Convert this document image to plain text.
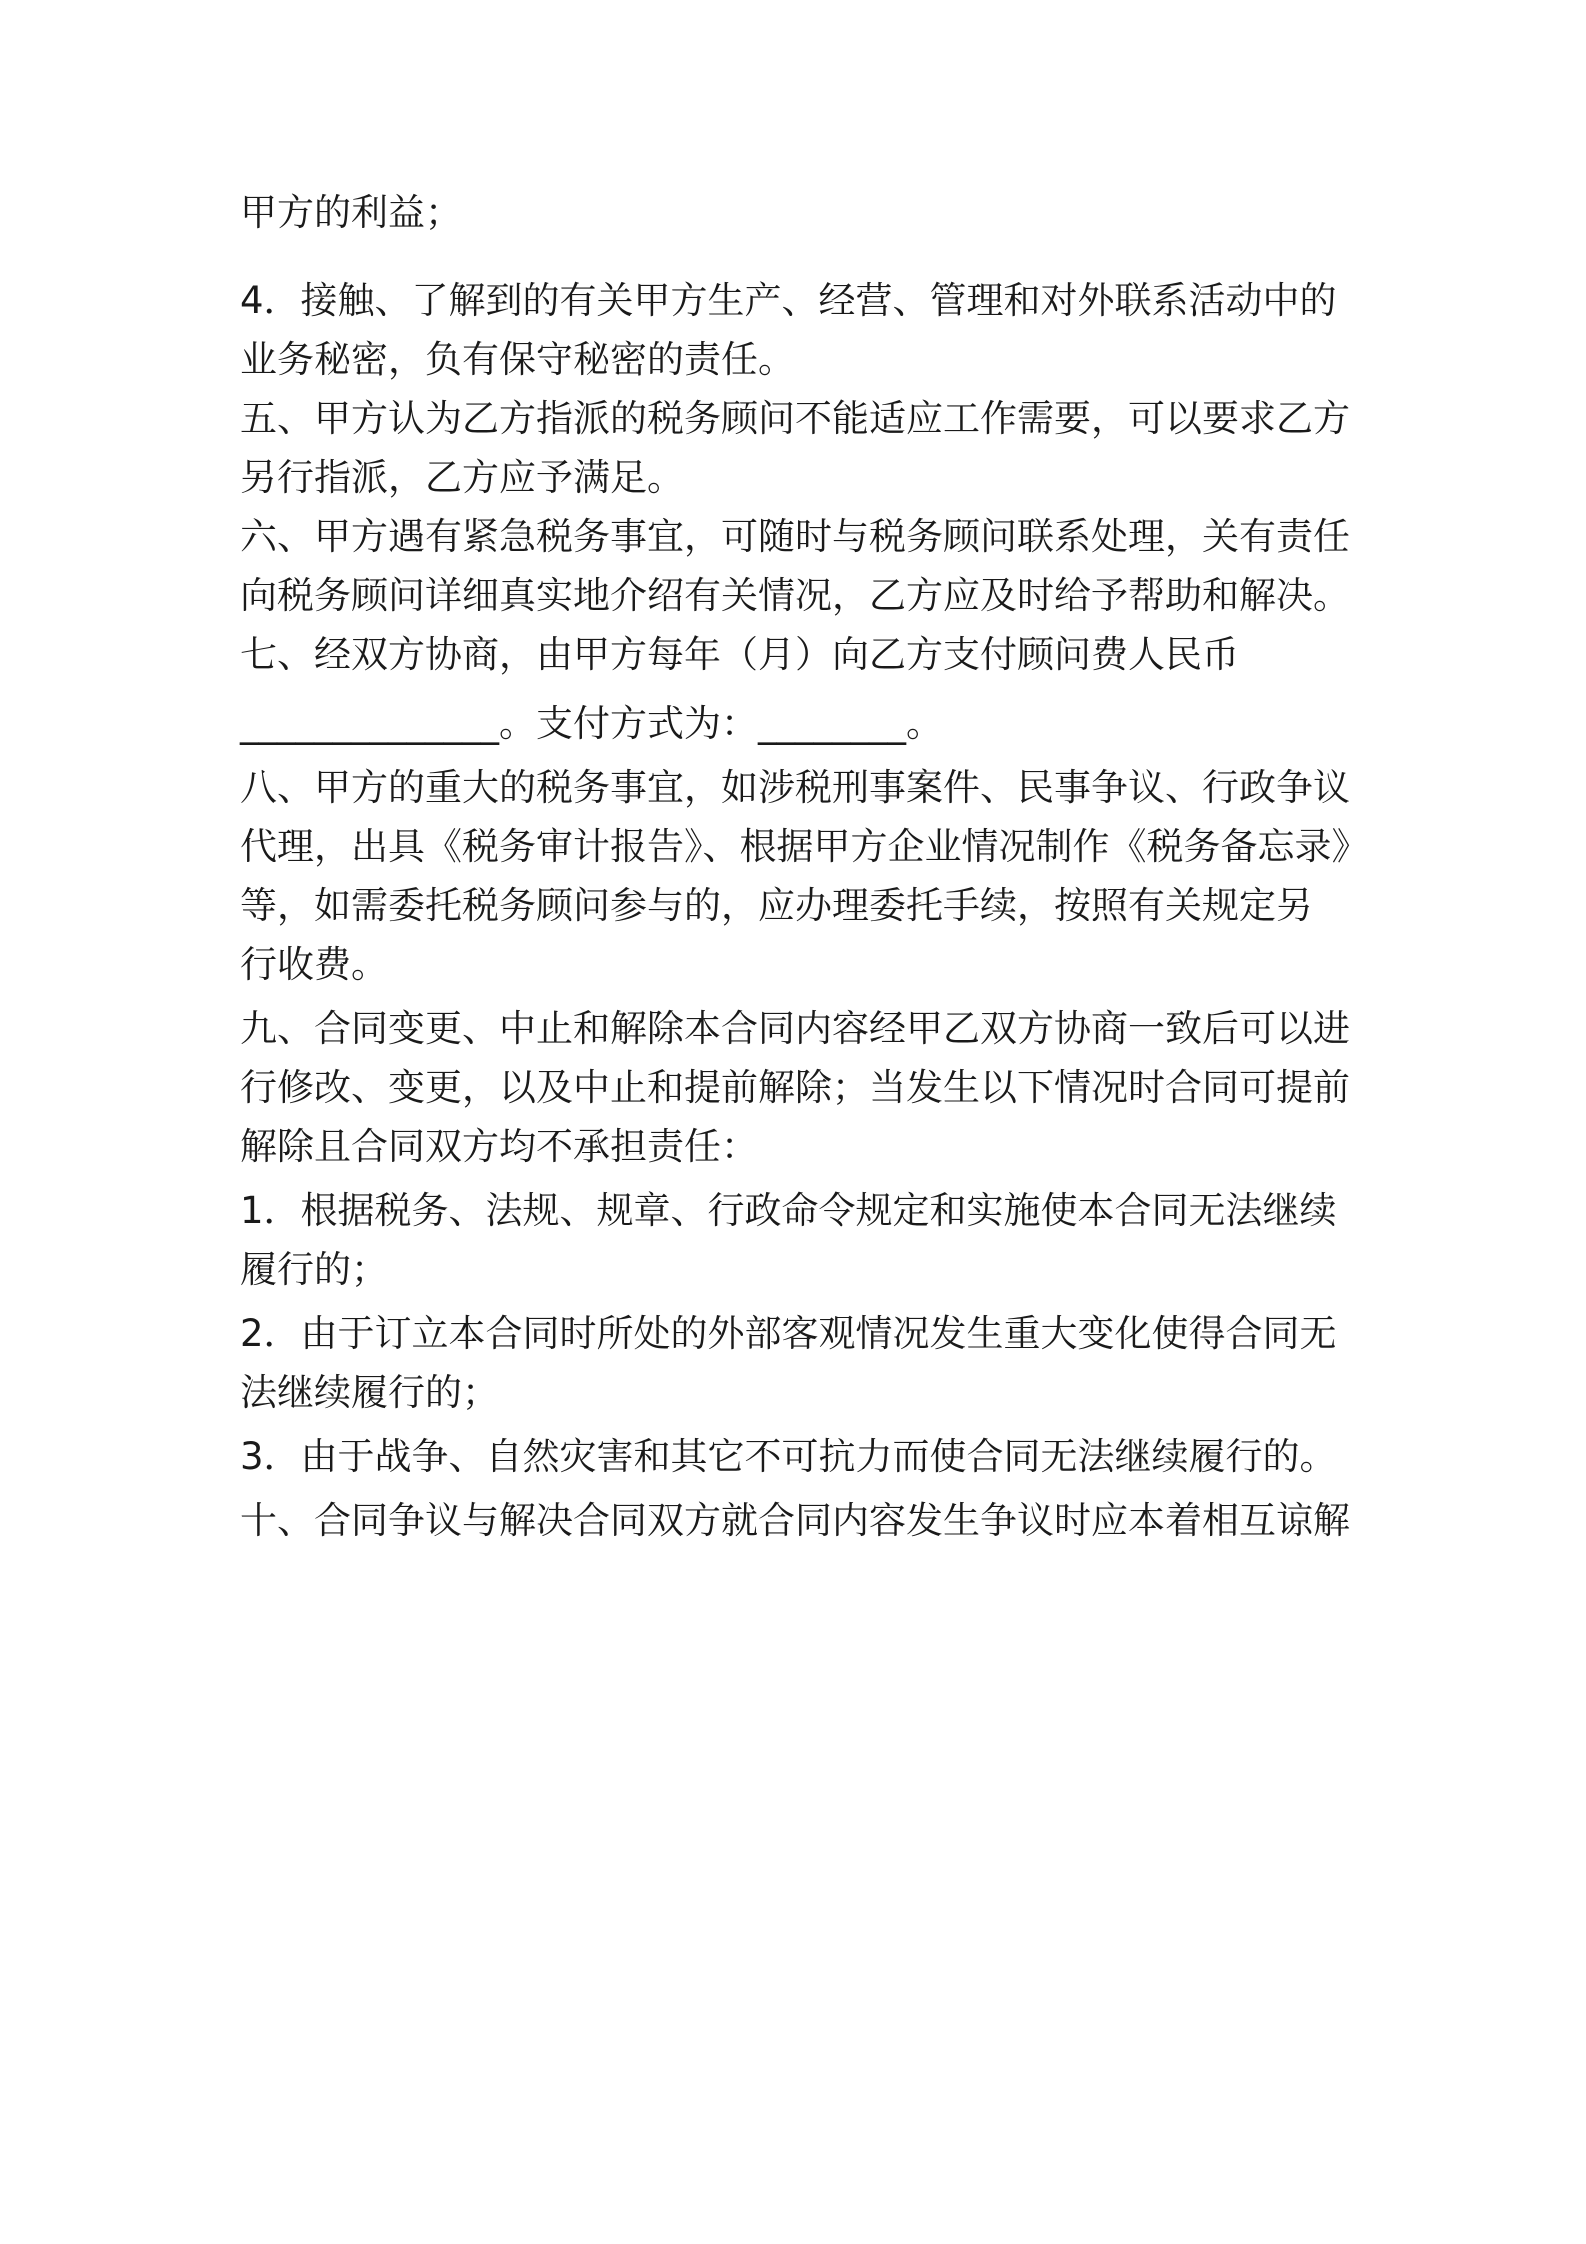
甲方的利益；
4．接触、了解到的有关甲方生产、经营、管理和对外联系活动中的
业务秘密，负有保守秘密的责任。
五、甲方认为乙方指派的税务顾问不能适应工作需要，可以要求乙方
另行指派，乙方应予满足。
六、甲方遇有紧急税务事宜，可随时与税务顾问联系处理，关有责任
向税务顾问详细真实地介绍有关情况，乙方应及时给予帮助和解决。
七、经双方协商，由甲方每年（月）向乙方支付顾问费人民币
______________。支付方式为：________。
八、甲方的重大的税务事宜，如涉税刑事案件、民事争议、行政争议
代理，出具《税务审计报告》、根据甲方企业情况制作《税务备忘录》
等，如需委托税务顾问参与的，应办理委托手续，按照有关规定另
行收费。
九、合同变更、中止和解除本合同内容经甲乙双方协商一致后可以进
行修改、变更，以及中止和提前解除；当发生以下情况时合同可提前
解除且合同双方均不承担责任：
1．根据税务、法规、规章、行政命令规定和实施使本合同无法继续
履行的；
2．由于订立本合同时所处的外部客观情况发生重大变化使得合同无
法继续履行的；
3．由于战争、自然灾害和其它不可抗力而使合同无法继续履行的。
十、合同争议与解决合同双方就合同内容发生争议时应本着相互谅解
